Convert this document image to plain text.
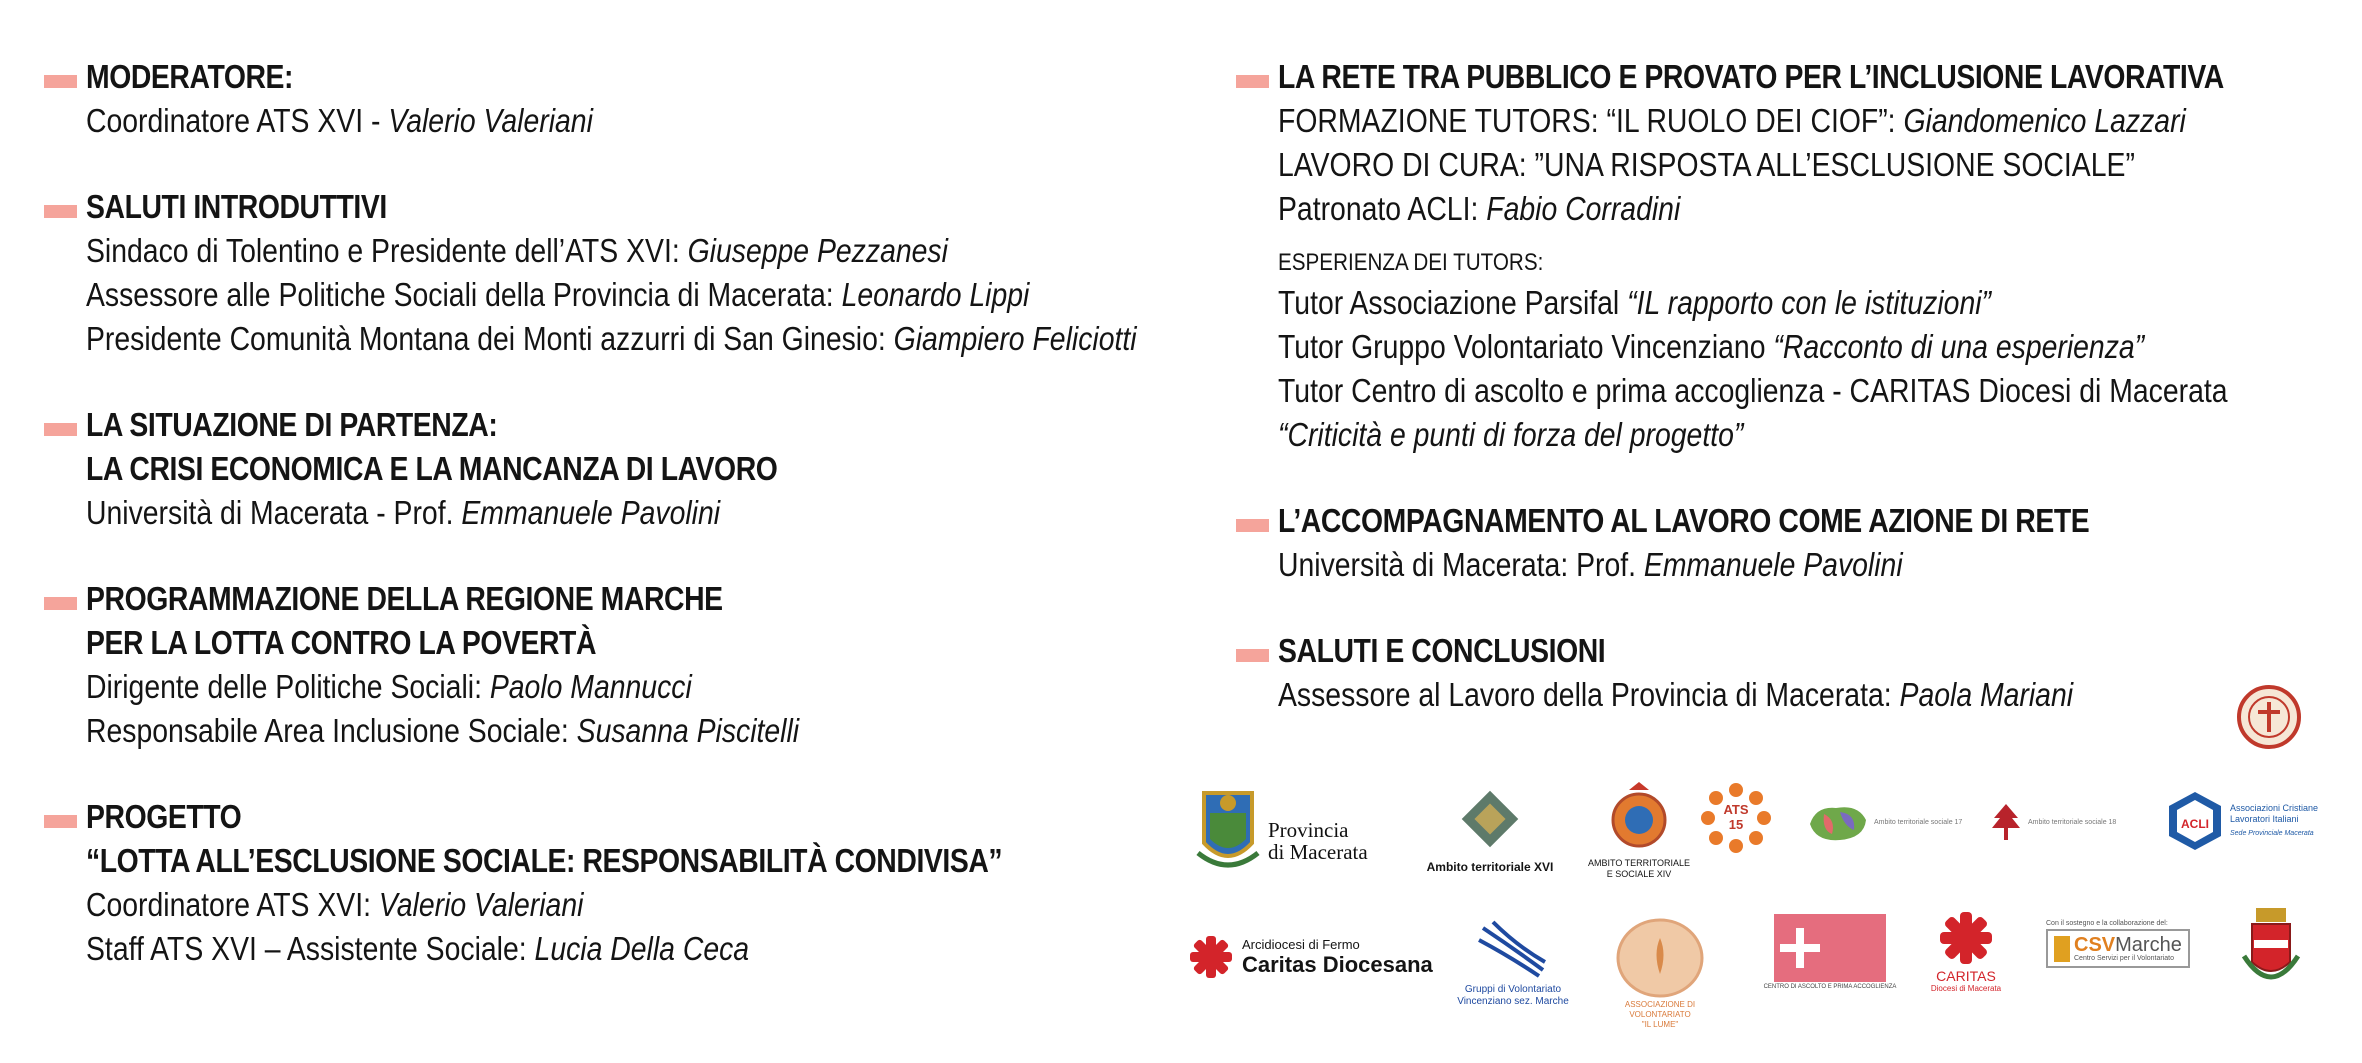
MODERATORE:
Coordinatore ATS XVI - Valerio Valeriani
SALUTI INTRODUTTIVI
Sindaco di Tolentino e Presidente dell’ATS XVI: Giuseppe Pezzanesi
Assessore alle Politiche Sociali della Provincia di Macerata: Leonardo Lippi
Presidente Comunità Montana dei Monti azzurri di San Ginesio: Giampiero Feliciotti
LA SITUAZIONE DI PARTENZA:
LA CRISI ECONOMICA E LA MANCANZA DI LAVORO
Università di Macerata - Prof. Emmanuele Pavolini
PROGRAMMAZIONE DELLA REGIONE MARCHE
PER LA LOTTA CONTRO LA POVERTÀ
Dirigente delle Politiche Sociali: Paolo Mannucci
Responsabile Area Inclusione Sociale: Susanna Piscitelli
PROGETTO
“LOTTA ALL’ESCLUSIONE SOCIALE: RESPONSABILITÀ CONDIVISA”
Coordinatore ATS XVI: Valerio Valeriani
Staff ATS XVI – Assistente Sociale: Lucia Della Ceca
LA RETE TRA PUBBLICO E PROVATO PER L’INCLUSIONE LAVORATIVA
FORMAZIONE TUTORS: “IL RUOLO DEI CIOF”: Giandomenico Lazzari
LAVORO DI CURA: ”UNA RISPOSTA ALL’ESCLUSIONE SOCIALE”
Patronato ACLI: Fabio Corradini
ESPERIENZA DEI TUTORS:
Tutor Associazione Parsifal “IL rapporto con le istituzioni”
Tutor Gruppo Volontariato Vincenziano “Racconto di una esperienza”
Tutor Centro di ascolto e prima accoglienza - CARITAS Diocesi di Macerata
“Criticità e punti di forza del progetto”
L’ACCOMPAGNAMENTO AL LAVORO COME AZIONE DI RETE
Università di Macerata: Prof. Emmanuele Pavolini
SALUTI E CONCLUSIONI
Assessore al Lavoro della Provincia di Macerata: Paola Mariani
Provincia
di Macerata
Ambito territoriale XVI	AMBITO TERRITORIALE
E SOCIALE XIV
ATS
15	Ambito territoriale sociale 17	Ambito territoriale sociale 18	ACLI
Associazioni Cristiane
Lavoratori Italiani
Sede Provinciale Macerata
Arcidiocesi di Fermo
Caritas Diocesana
Gruppi di Volontariato
Vincenziano sez. Marche	ASSOCIAZIONE DI VOLONTARIATO
"IL LUME"
CENTRO DI ASCOLTO E PRIMA ACCOGLIENZA
CARITAS
Diocesi di Macerata
Con il sostegno e la collaborazione del:
CSVMarche
Centro Servizi per il Volontariato
